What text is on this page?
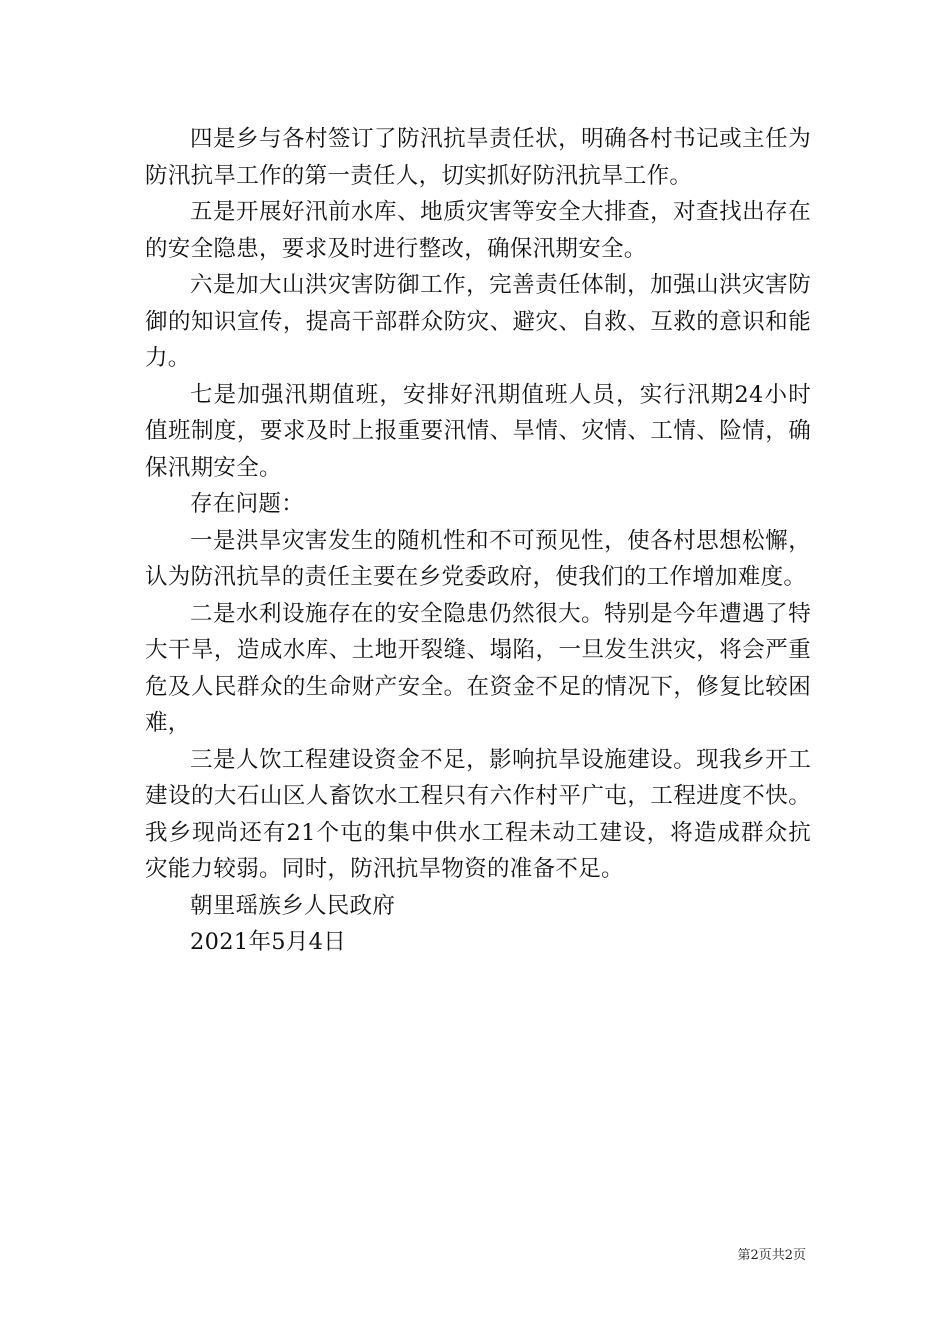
四是乡与各村签订了防汛抗旱责任状，明确各村书记或主任为防汛抗旱工作的第一责任人，切实抓好防汛抗旱工作。

五是开展好汛前水库、地质灾害等安全大排查，对查找出存在的安全隐患，要求及时进行整改，确保汛期安全。

六是加大山洪灾害防御工作，完善责任体制，加强山洪灾害防御的知识宣传，提高干部群众防灾、避灾、自救、互救的意识和能力。

七是加强汛期值班，安排好汛期值班人员，实行汛期24小时值班制度，要求及时上报重要汛情、旱情、灾情、工情、险情，确保汛期安全。

存在问题：

一是洪旱灾害发生的随机性和不可预见性，使各村思想松懈，认为防汛抗旱的责任主要在乡党委政府，使我们的工作增加难度。

二是水利设施存在的安全隐患仍然很大。特别是今年遭遇了特大干旱，造成水库、土地开裂缝、塌陷，一旦发生洪灾，将会严重危及人民群众的生命财产安全。在资金不足的情况下，修复比较困难，

三是人饮工程建设资金不足，影响抗旱设施建设。现我乡开工建设的大石山区人畜饮水工程只有六作村平广屯，工程进度不快。我乡现尚还有21个屯的集中供水工程未动工建设，将造成群众抗灾能力较弱。同时，防汛抗旱物资的准备不足。

朝里瑶族乡人民政府

2021年5月4日

第2页共2页
